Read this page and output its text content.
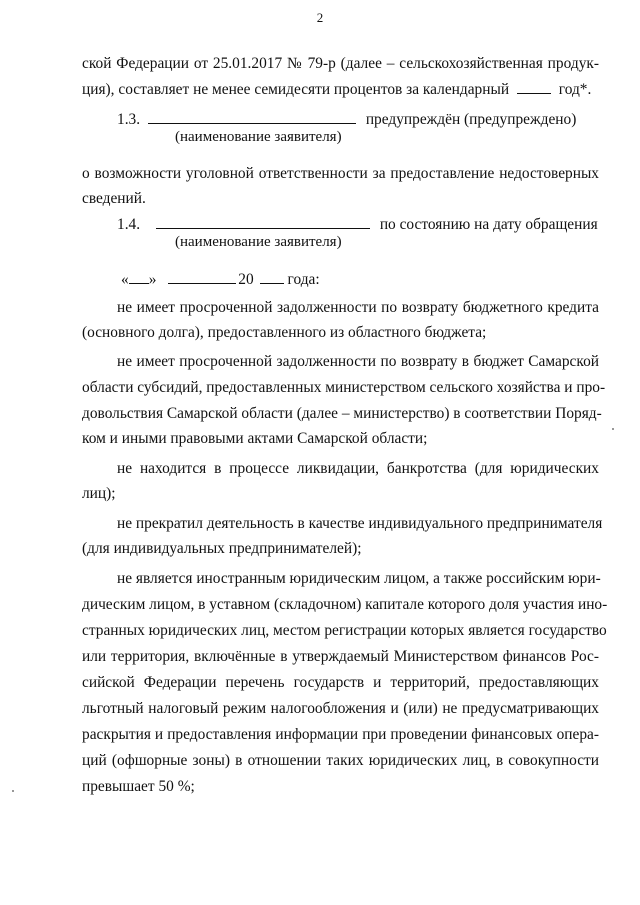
2
ской Федерации от 25.01.2017 № 79-р (далее – сельскохозяйственная продук-
ция), составляет не менее семидесяти процентов за календарный	год*.
1.3.	предупреждён (предупреждено)
(наименование заявителя)
о возможности уголовной ответственности за предоставление недостоверных
сведений.
1.4.	по состоянию на дату обращения
(наименование заявителя)
« »	20 года:
не имеет просроченной задолженности по возврату бюджетного кредита
(основного долга), предоставленного из областного бюджета;
не имеет просроченной задолженности по возврату в бюджет Самарской
области субсидий, предоставленных министерством сельского хозяйства и про-
довольствия Самарской области (далее – министерство) в соответствии Поряд-
ком и иными правовыми актами Самарской области;
не находится в процессе ликвидации, банкротства (для юридических
лиц);
не прекратил деятельность в качестве индивидуального предпринимателя
(для индивидуальных предпринимателей);
не является иностранным юридическим лицом, а также российским юри-
дическим лицом, в уставном (складочном) капитале которого доля участия ино-
странных юридических лиц, местом регистрации которых является государство
или территория, включённые в утверждаемый Министерством финансов Рос-
сийской Федерации перечень государств и территорий, предоставляющих
льготный налоговый режим налогообложения и (или) не предусматривающих
раскрытия и предоставления информации при проведении финансовых опера-
ций (офшорные зоны) в отношении таких юридических лиц, в совокупности
превышает 50 %;
